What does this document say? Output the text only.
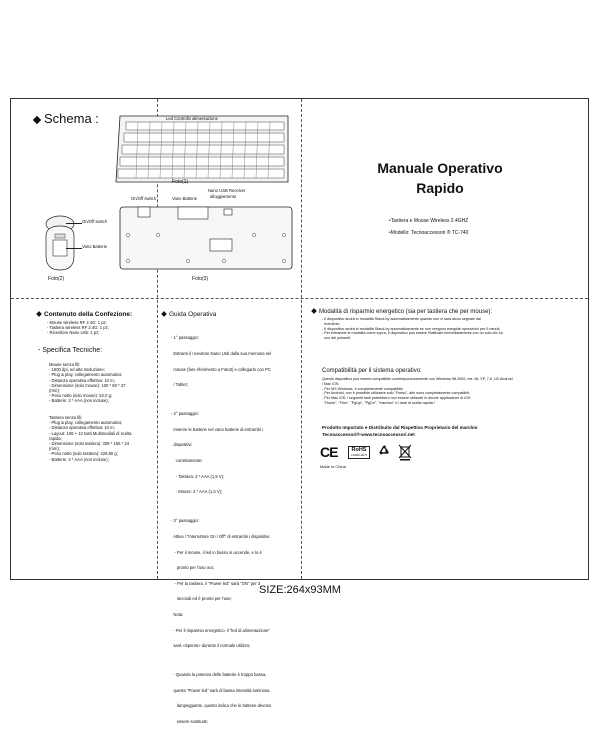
Schema :	Led Controllo alimentazione
Foto(1)
Nano USB Receiver
alloggiamento
On/Off switch	Vano Batterie
Foto(3)
On/Off switch
Vano Batterie
Foto(2)
Manuale Operativo
Rapido
•Tastiera e Mouse Wireless 2.4GHZ
•Modello: Tecnoaccessori ® TC-740
Contenuto della Confezione:
- Mouse wireless RF 2.4G: 1 pz;
- Tastiera wireless RF 2.4G: 1 pz;
- Ricevitore Nano Usb: 1 pz;
- Specifica Tecniche:
Mouse senza fili:
- 1600 dpi, ed alta risoluzione;
- Plug & play, collegamento automatico;
- Distanza operativa effettiva: 10 m;
- Dimensione (solo mouse): 100 * 60 * 37
(mm);
- Peso netto (solo mouse): 52,0 g;
- Batterie: 2 * AAA (non incluse);
Tastiera senza fili:
- Plug & play, collegamento automatico;
- Distanza operativa effettiva: 10 m;
- Layout: 106 + 12 tasti Multimediali di scelta
rapida;
- Dimensione (solo tastiera): 309 * 155 * 24
(mm);
- Peso netto (solo tastiera): 426,50 g;
- Batterie: 2 * AAA (non incluse);
Guida Operativa

- 1° passaggio:

Estrarre il ricevitore Nano Usb dalla sua memoria nel

mouse (fare riferimento a Foto3) e collegarlo con PC

/ Tablet;

- 2° passaggio:

Inserire le batterie nel vano batterie di entrambi i

dispositivi

correttamente:

- Tastiera: 2 * AAA (1,5 V);

- Mouse: 2 * AAA (1,5 V);

- 3° passaggio:

Attiva l "Interruttore On / Off" di entrambi i dispositivi.

- Per il mouse, il led in basso si accende, e lo è

pronto per l'uso ora;

- Per la tastiera, il "Power led" sarà "ON" per 3

secondi ed è pronto per l'uso;

Nota:

- Per il risparmio energetico, il "led di alimentazione"

sarà «Spento» durante il normale utilizzo;

- Quando la potenza delle batterie è troppo bassa,

questo "Power led" sarà di bassa intensità luminosa

lampeggiante, questo indica che le batterie devono

essere sostituite;

Modalità di risparmio energetico (sia per tastiera che per mouse):
- Il dispositivo andrà in modalità Stand-by automaticamente quando non vi sarà alcun segnale dal
ricevitore;
- Il dispositivo andrà in modalità Stand-by automaticamente se non vengono eseguite operazioni per 5 minuti;
- Per entrambe le modalità come sopra, il dispositivo può essere Riattivato immediatamente con un solo clic su
uno dei pulsanti;
Compatibilità per il sistema operativo:
Questo dispositivo può essere compatibile contemporaneamente con Windows 98,2000, me, Nt, XP, 7,8 ,10/ Android
/ Mac iOS;
- Per MS Windows, è completamente compatibile;
- Per Android, non è possibile utilizzare solo "Fnesc", altri sono completamente compatibili;
- Per Mac iOS, i seguenti tasti potrebbero non essere utilizzati in alcune applicazioni di iOS:
"Home", "Fine", "PgUp", "PgDn", "Inserisci" e i tasti di scelta rapida.*
Prodotto Importato e Distribuito dal Rispettivo Proprietario del marchio
Tecnoaccessori®-www.tecnoaccessori.net
CE	RoHS
COMPLIANT
Made in China
SIZE:264x93MM
